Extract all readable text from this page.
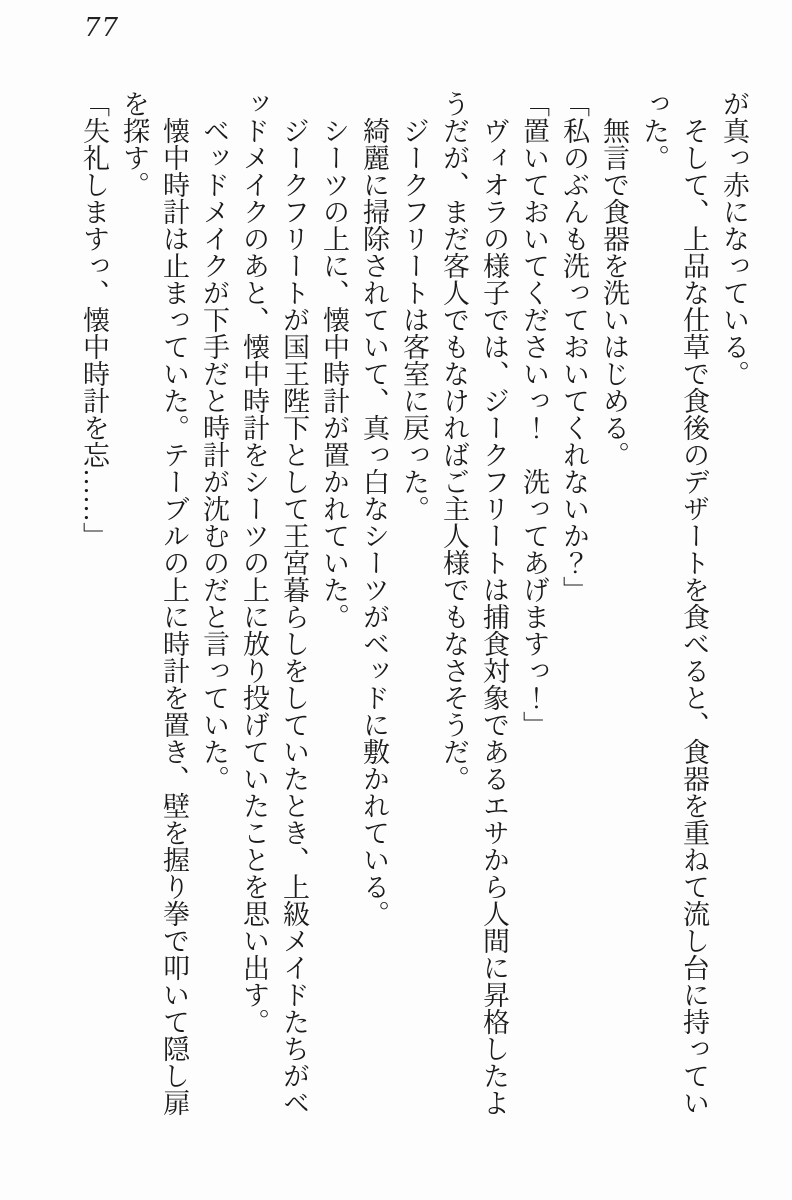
77

が真っ赤になっている。

　そして、上品な仕草で食後のデザートを食べると、食器を重ねて流し台に持っていった。

　無言で食器を洗いはじめる。

「私のぶんも洗っておいてくれないか？」

「置いておいてくださいっ！　洗ってあげますっ！」

　ヴィオラの様子では、ジークフリートは捕食対象であるエサから人間に昇格したようだが、まだ客人でもなければご主人様でもなさそうだ。

　ジークフリートは客室に戻った。

　綺麗に掃除されていて、真っ白なシーツがベッドに敷かれている。

　シーツの上に、懐中時計が置かれていた。

　ジークフリートが国王陛下として王宮暮らしをしていたとき、上級メイドたちがベッドメイクのあと、懐中時計をシーツの上に放り投げていたことを思い出す。

　ベッドメイクが下手だと時計が沈むのだと言っていた。

　懐中時計は止まっていた。テーブルの上に時計を置き、壁を握り拳で叩いて隠し扉を探す。

「失礼しますっ、懐中時計を忘……」
